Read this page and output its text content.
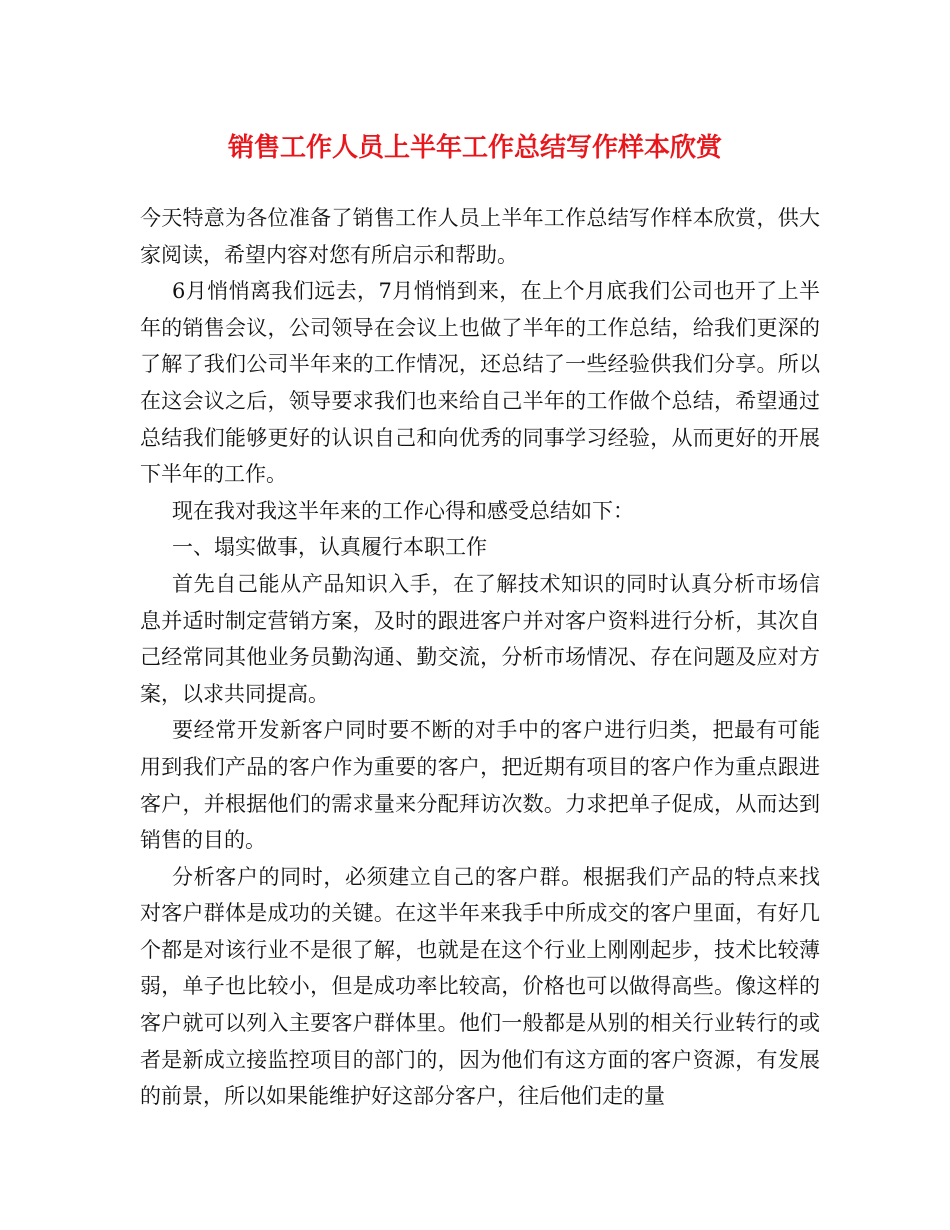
销售工作人员上半年工作总结写作样本欣赏

今天特意为各位准备了销售工作人员上半年工作总结写作样本欣赏，供大家阅读，希望内容对您有所启示和帮助。

6月悄悄离我们远去，7月悄悄到来，在上个月底我们公司也开了上半年的销售会议，公司领导在会议上也做了半年的工作总结，给我们更深的了解了我们公司半年来的工作情况，还总结了一些经验供我们分享。所以在这会议之后，领导要求我们也来给自己半年的工作做个总结，希望通过总结我们能够更好的认识自己和向优秀的同事学习经验，从而更好的开展下半年的工作。

现在我对我这半年来的工作心得和感受总结如下：

一、塌实做事，认真履行本职工作

首先自己能从产品知识入手，在了解技术知识的同时认真分析市场信息并适时制定营销方案，及时的跟进客户并对客户资料进行分析，其次自己经常同其他业务员勤沟通、勤交流，分析市场情况、存在问题及应对方案，以求共同提高。

要经常开发新客户同时要不断的对手中的客户进行归类，把最有可能用到我们产品的客户作为重要的客户，把近期有项目的客户作为重点跟进客户，并根据他们的需求量来分配拜访次数。力求把单子促成，从而达到销售的目的。

分析客户的同时，必须建立自己的客户群。根据我们产品的特点来找对客户群体是成功的关键。在这半年来我手中所成交的客户里面，有好几个都是对该行业不是很了解，也就是在这个行业上刚刚起步，技术比较薄弱，单子也比较小，但是成功率比较高，价格也可以做得高些。像这样的客户就可以列入主要客户群体里。他们一般都是从别的相关行业转行的或者是新成立接监控项目的部门的，因为他们有这方面的客户资源，有发展的前景，所以如果能维护好这部分客户，往后他们走的量
